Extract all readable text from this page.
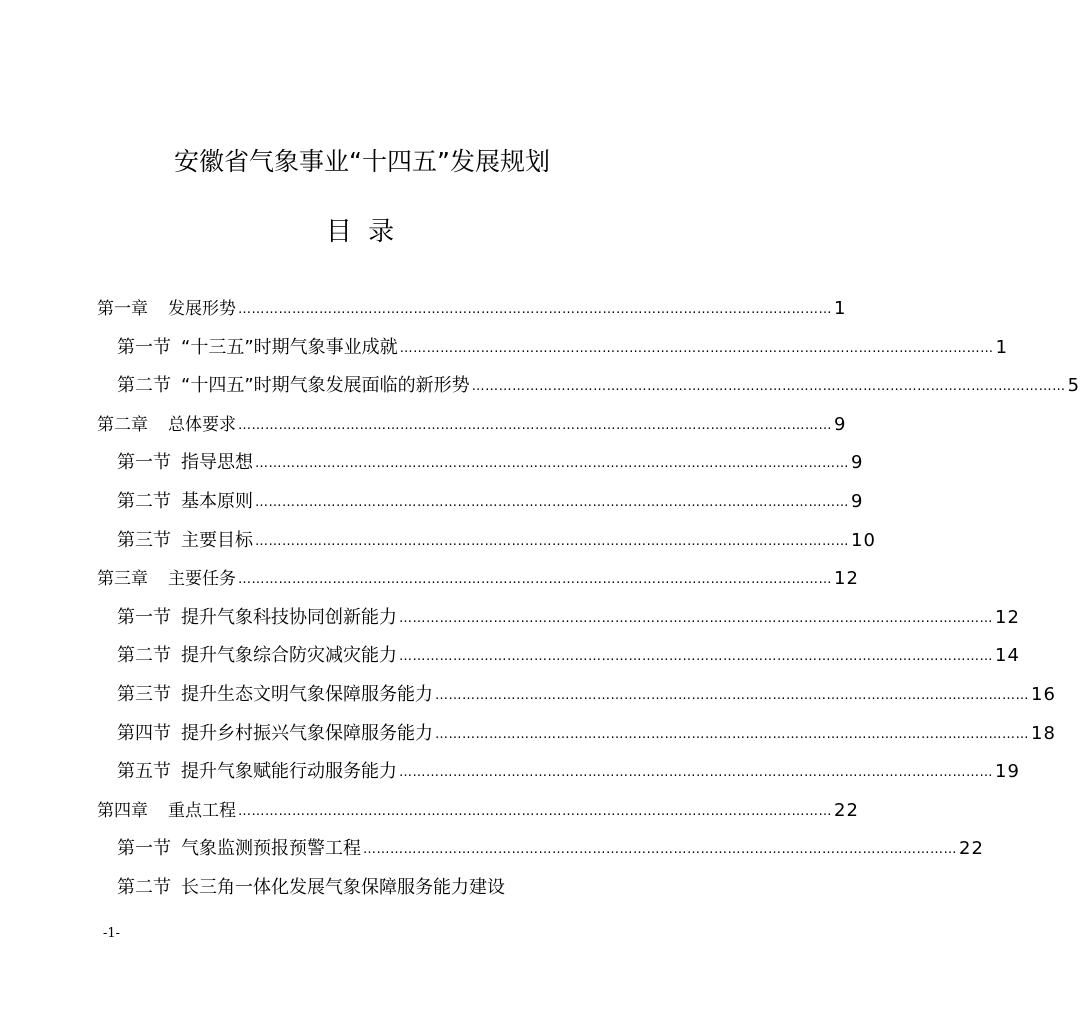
安徽省气象事业“十四五”发展规划
目 录
第一章 发展形势 …………………………………………………………………………………………………………………… 1
第一节 “十三五”时期气象事业成就 …………………………………………………………………………………………………………………… 1
第二节 “十四五”时期气象发展面临的新形势 …………………………………………………………………………………………………………………… 5
第二章 总体要求 …………………………………………………………………………………………………………………… 9
第一节 指导思想 …………………………………………………………………………………………………………………… 9
第二节 基本原则 …………………………………………………………………………………………………………………… 9
第三节 主要目标 …………………………………………………………………………………………………………………… 10
第三章 主要任务 …………………………………………………………………………………………………………………… 12
第一节 提升气象科技协同创新能力 …………………………………………………………………………………………………………………… 12
第二节 提升气象综合防灾减灾能力 …………………………………………………………………………………………………………………… 14
第三节 提升生态文明气象保障服务能力 …………………………………………………………………………………………………………………… 16
第四节 提升乡村振兴气象保障服务能力 …………………………………………………………………………………………………………………… 18
第五节 提升气象赋能行动服务能力 …………………………………………………………………………………………………………………… 19
第四章 重点工程 …………………………………………………………………………………………………………………… 22
第一节 气象监测预报预警工程 …………………………………………………………………………………………………………………… 22
第二节 长三角一体化发展气象保障服务能力建设
-1-
